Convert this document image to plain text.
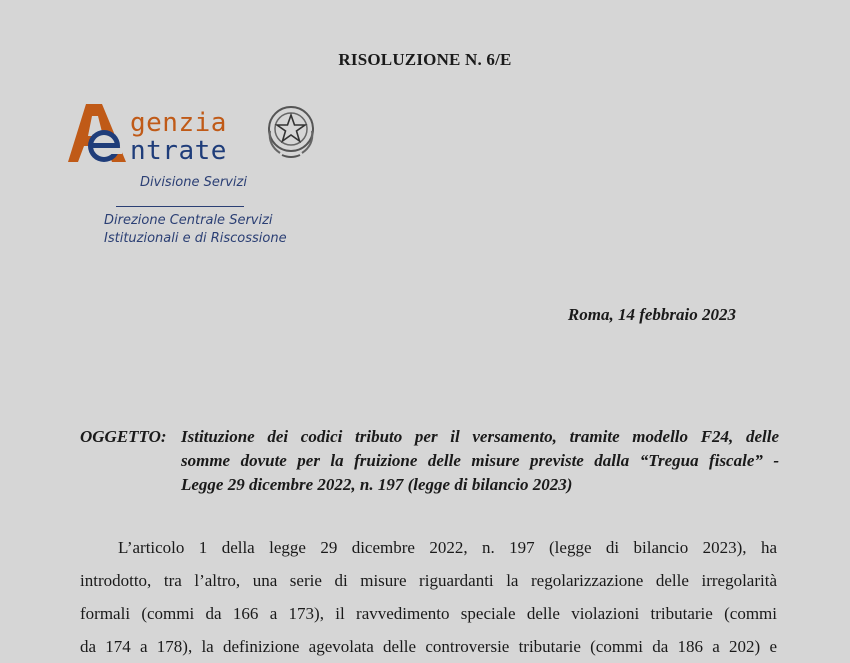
RISOLUZIONE N. 6/E
genzia
ntrate
Divisione Servizi
Direzione Centrale Servizi
Istituzionali e di Riscossione
Roma, 14 febbraio 2023
OGGETTO: Istituzione dei codici tributo per il versamento, tramite modello F24, delle
somme dovute per la fruizione delle misure previste dalla “Tregua fiscale” -
Legge 29 dicembre 2022, n. 197 (legge di bilancio 2023)
L’articolo 1 della legge 29 dicembre 2022, n. 197 (legge di bilancio 2023), ha
introdotto, tra l’altro, una serie di misure riguardanti la regolarizzazione delle irregolarità
formali (commi da 166 a 173), il ravvedimento speciale delle violazioni tributarie (commi
da 174 a 178), la definizione agevolata delle controversie tributarie (commi da 186 a 202) e
